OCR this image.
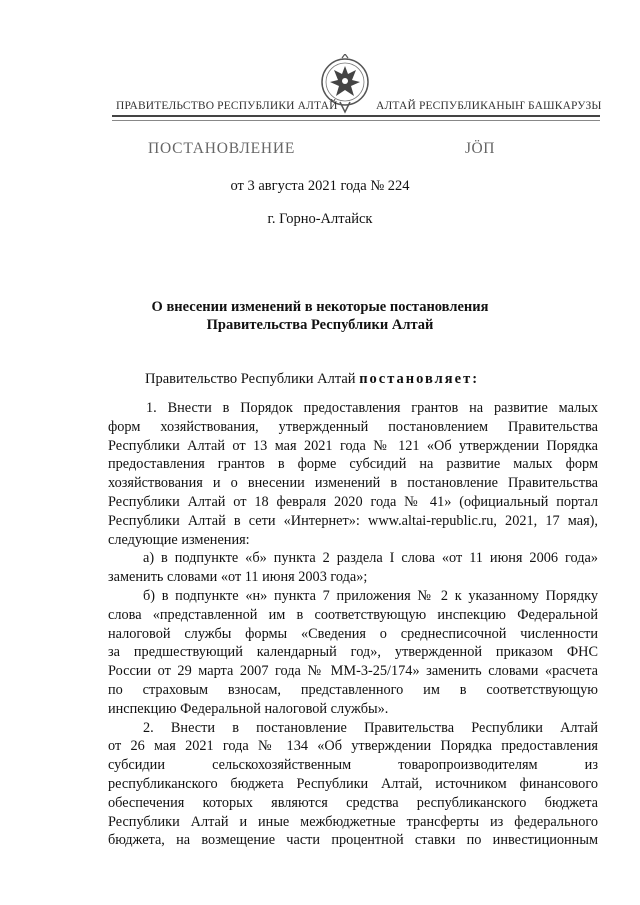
ПРАВИТЕЛЬСТВО РЕСПУБЛИКИ АЛТАЙ	АЛТАЙ РЕСПУБЛИКАНЫҤ БАШКАРУЗЫ
ПОСТАНОВЛЕНИЕ	JÖП
от 3 августа 2021 года № 224
г. Горно-Алтайск
О внесении изменений в некоторые постановления
Правительства Республики Алтай
Правительство Республики Алтай постановляет:

1. Внести в Порядок предоставления грантов на развитие малых

форм хозяйствования, утвержденный постановлением Правительства

Республики Алтай от 13 мая 2021 года № 121 «Об утверждении Порядка

предоставления грантов в форме субсидий на развитие малых форм

хозяйствования и о внесении изменений в постановление Правительства

Республики Алтай от 18 февраля 2020 года № 41» (официальный портал

Республики Алтай в сети «Интернет»: www.altai-republic.ru, 2021, 17 мая),

следующие изменения:

а) в подпункте «б» пункта 2 раздела I слова «от 11 июня 2006 года»

заменить словами «от 11 июня 2003 года»;

б) в подпункте «н» пункта 7 приложения № 2 к указанному Порядку

слова «представленной им в соответствующую инспекцию Федеральной

налоговой службы формы «Сведения о среднесписочной численности

за предшествующий календарный год», утвержденной приказом ФНС

России от 29 марта 2007 года № ММ-3-25/174» заменить словами «расчета

по страховым взносам, представленного им в соответствующую

инспекцию Федеральной налоговой службы».

2. Внести в постановление Правительства Республики Алтай

от 26 мая 2021 года № 134 «Об утверждении Порядка предоставления

субсидии сельскохозяйственным товаропроизводителям из

республиканского бюджета Республики Алтай, источником финансового

обеспечения которых являются средства республиканского бюджета

Республики Алтай и иные межбюджетные трансферты из федерального

бюджета, на возмещение части процентной ставки по инвестиционным
